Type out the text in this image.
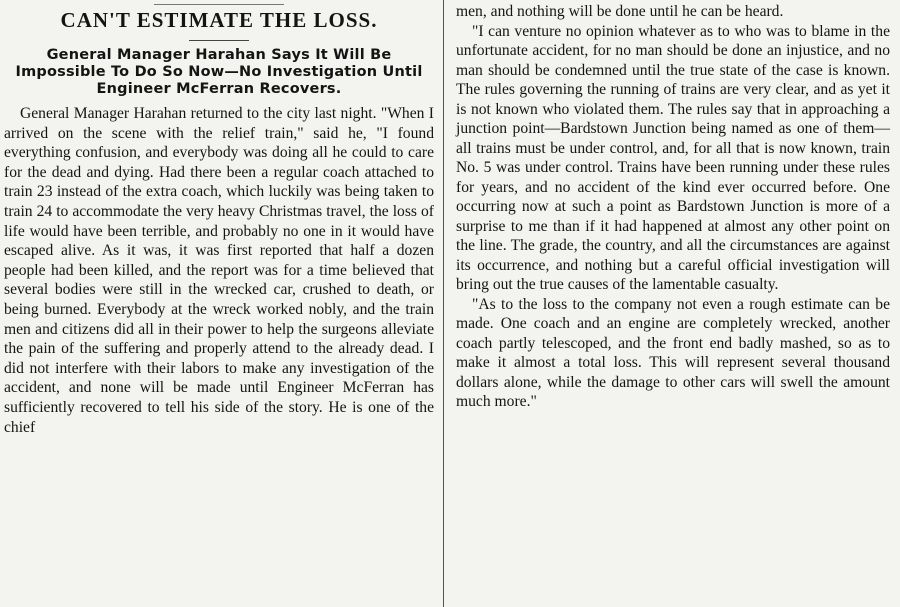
CAN'T ESTIMATE THE LOSS.
General Manager Harahan Says It Will Be Impossible To Do So Now—No Investigation Until Engineer McFerran Recovers.

General Manager Harahan returned to the city last night. "When I arrived on the scene with the relief train," said he, "I found everything confusion, and everybody was doing all he could to care for the dead and dying. Had there been a regular coach attached to train 23 instead of the extra coach, which luckily was being taken to train 24 to accommodate the very heavy Christmas travel, the loss of life would have been terrible, and probably no one in it would have escaped alive. As it was, it was first reported that half a dozen people had been killed, and the report was for a time believed that several bodies were still in the wrecked car, crushed to death, or being burned. Everybody at the wreck worked nobly, and the train men and citizens did all in their power to help the surgeons alleviate the pain of the suffering and properly attend to the already dead. I did not interfere with their labors to make any investigation of the accident, and none will be made until Engineer McFerran has sufficiently recovered to tell his side of the story. He is one of the chief

men, and nothing will be done until he can be heard.

"I can venture no opinion whatever as to who was to blame in the unfortunate accident, for no man should be done an injustice, and no man should be condemned until the true state of the case is known. The rules governing the running of trains are very clear, and as yet it is not known who violated them. The rules say that in approaching a junction point—Bardstown Junction being named as one of them—all trains must be under control, and, for all that is now known, train No. 5 was under control. Trains have been running under these rules for years, and no accident of the kind ever occurred before. One occurring now at such a point as Bardstown Junction is more of a surprise to me than if it had happened at almost any other point on the line. The grade, the country, and all the circumstances are against its occurrence, and nothing but a careful official investigation will bring out the true causes of the lamentable casualty.

"As to the loss to the company not even a rough estimate can be made. One coach and an engine are completely wrecked, another coach partly telescoped, and the front end badly mashed, so as to make it almost a total loss. This will represent several thousand dollars alone, while the damage to other cars will swell the amount much more."
